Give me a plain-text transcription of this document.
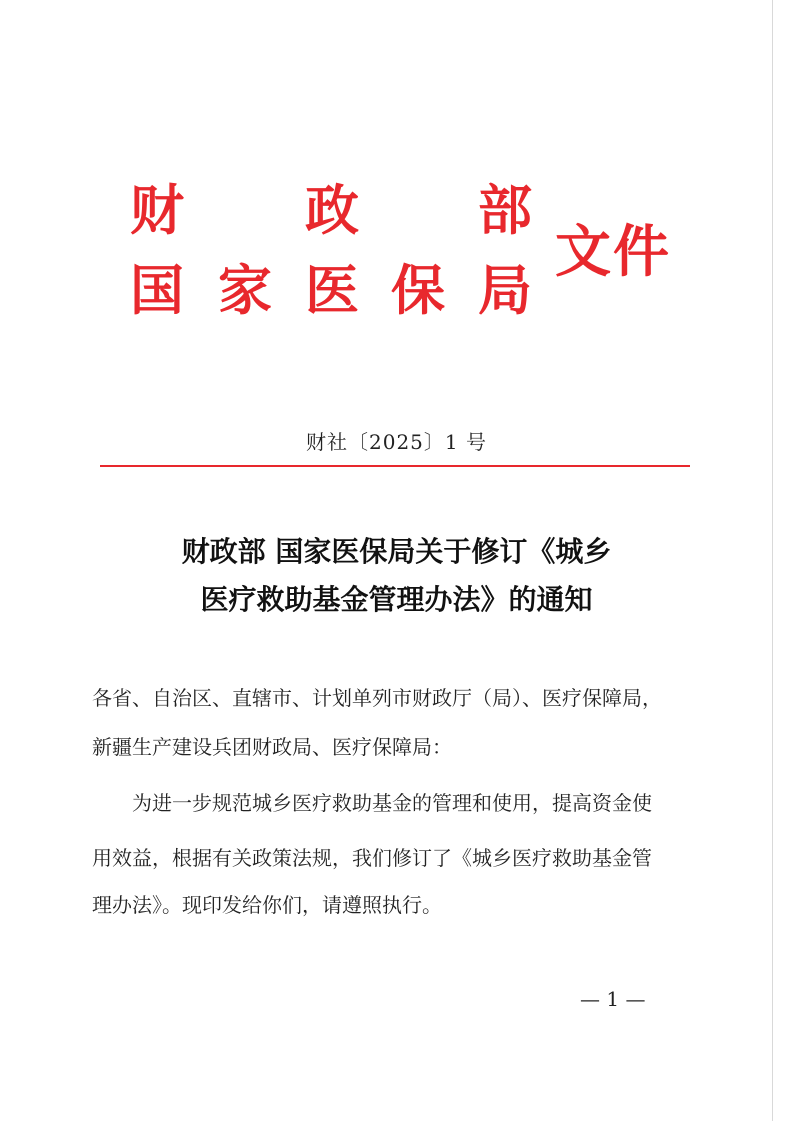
财 政 部
国 家 医 保 局
文件
财社〔2025〕1 号
财政部 国家医保局关于修订《城乡
医疗救助基金管理办法》的通知
各省、自治区、直辖市、计划单列市财政厅（局）、医疗保障局，
新疆生产建设兵团财政局、医疗保障局：
为进一步规范城乡医疗救助基金的管理和使用，提高资金使
用效益，根据有关政策法规，我们修订了《城乡医疗救助基金管
理办法》。现印发给你们，请遵照执行。
— 1 —
